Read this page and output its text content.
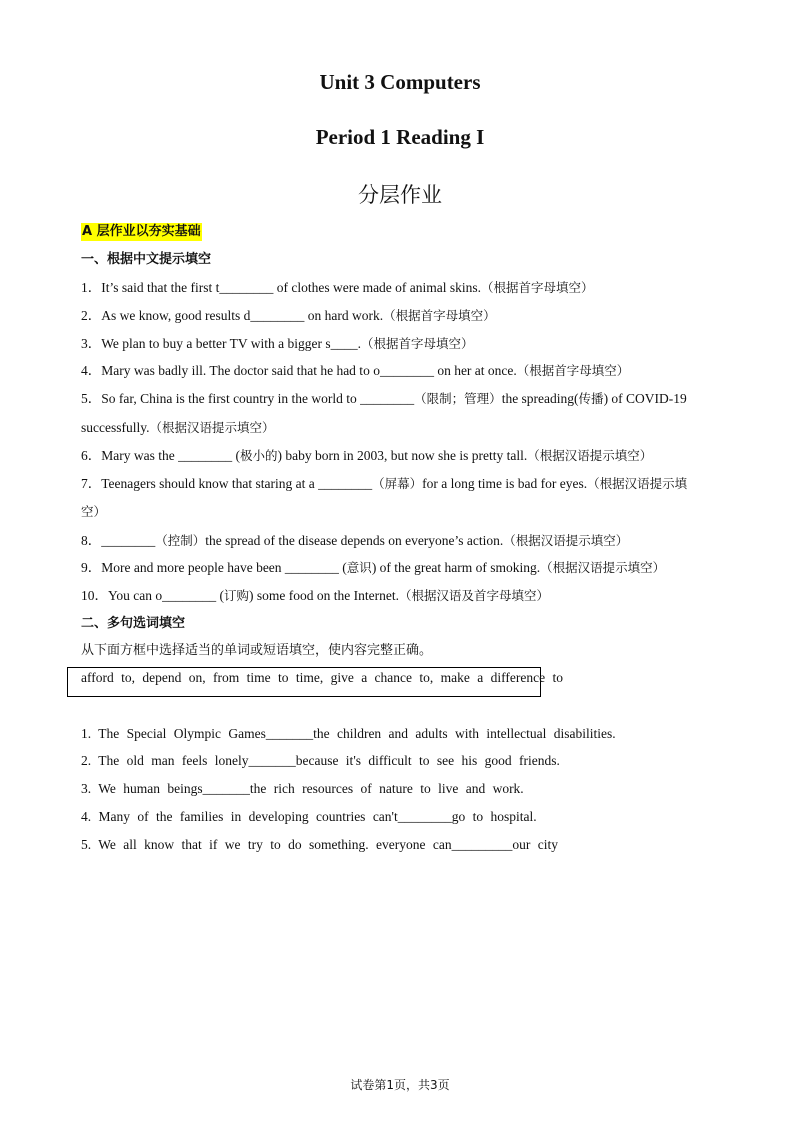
Unit 3 Computers
Period 1 Reading I
分层作业
A 层作业以夯实基础
一、根据中文提示填空
1．It’s said that the first t________ of clothes were made of animal skins.（根据首字母填空）
2．As we know, good results d________ on hard work.（根据首字母填空）
3．We plan to buy a better TV with a bigger s____.（根据首字母填空）
4．Mary was badly ill. The doctor said that he had to o________ on her at once.（根据首字母填空）
5．So far, China is the first country in the world to ________（限制；管理）the spreading(传播) of COVID-19
successfully.（根据汉语提示填空）
6．Mary was the ________ (极小的) baby born in 2003, but now she is pretty tall.（根据汉语提示填空）
7．Teenagers should know that staring at a ________（屏幕）for a long time is bad for eyes.（根据汉语提示填
空）
8．________（控制）the spread of the disease depends on everyone’s action.（根据汉语提示填空）
9．More and more people have been ________ (意识) of the great harm of smoking.（根据汉语提示填空）
10．You can o________ (订购) some food on the Internet.（根据汉语及首字母填空）
二、多句选词填空
从下面方框中选择适当的单词或短语填空，使内容完整正确。
afford to, depend on, from time to time, give a chance to, make a difference to
1. The Special Olympic Games_______the children and adults with intellectual disabilities.
2. The old man feels lonely_______because it's difficult to see his good friends.
3. We human beings_______the rich resources of nature to live and work.
4. Many of the families in developing countries can't________go to hospital.
5. We all know that if we try to do something. everyone can_________our city
试卷第1页，共3页
